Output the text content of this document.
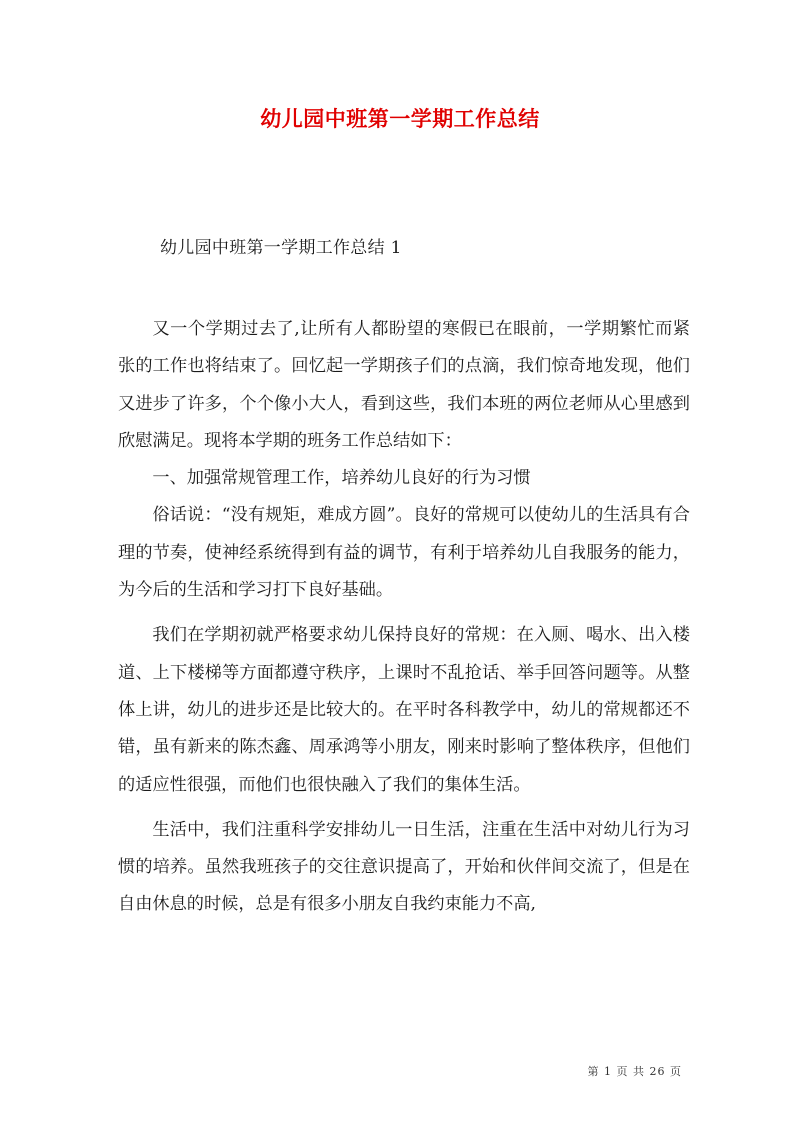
幼儿园中班第一学期工作总结
幼儿园中班第一学期工作总结 1

又一个学期过去了,让所有人都盼望的寒假已在眼前，一学期繁忙而紧张的工作也将结束了。回忆起一学期孩子们的点滴，我们惊奇地发现，他们又进步了许多，个个像小大人，看到这些，我们本班的两位老师从心里感到欣慰满足。现将本学期的班务工作总结如下：

一、加强常规管理工作，培养幼儿良好的行为习惯

俗话说：“没有规矩，难成方圆”。良好的常规可以使幼儿的生活具有合理的节奏，使神经系统得到有益的调节，有利于培养幼儿自我服务的能力，为今后的生活和学习打下良好基础。

我们在学期初就严格要求幼儿保持良好的常规：在入厕、喝水、出入楼道、上下楼梯等方面都遵守秩序，上课时不乱抢话、举手回答问题等。从整体上讲，幼儿的进步还是比较大的。在平时各科教学中，幼儿的常规都还不错，虽有新来的陈杰鑫、周承鸿等小朋友，刚来时影响了整体秩序，但他们的适应性很强，而他们也很快融入了我们的集体生活。

生活中，我们注重科学安排幼儿一日生活，注重在生活中对幼儿行为习惯的培养。虽然我班孩子的交往意识提高了，开始和伙伴间交流了，但是在自由休息的时候，总是有很多小朋友自我约束能力不高,

第 1 页 共 26 页
